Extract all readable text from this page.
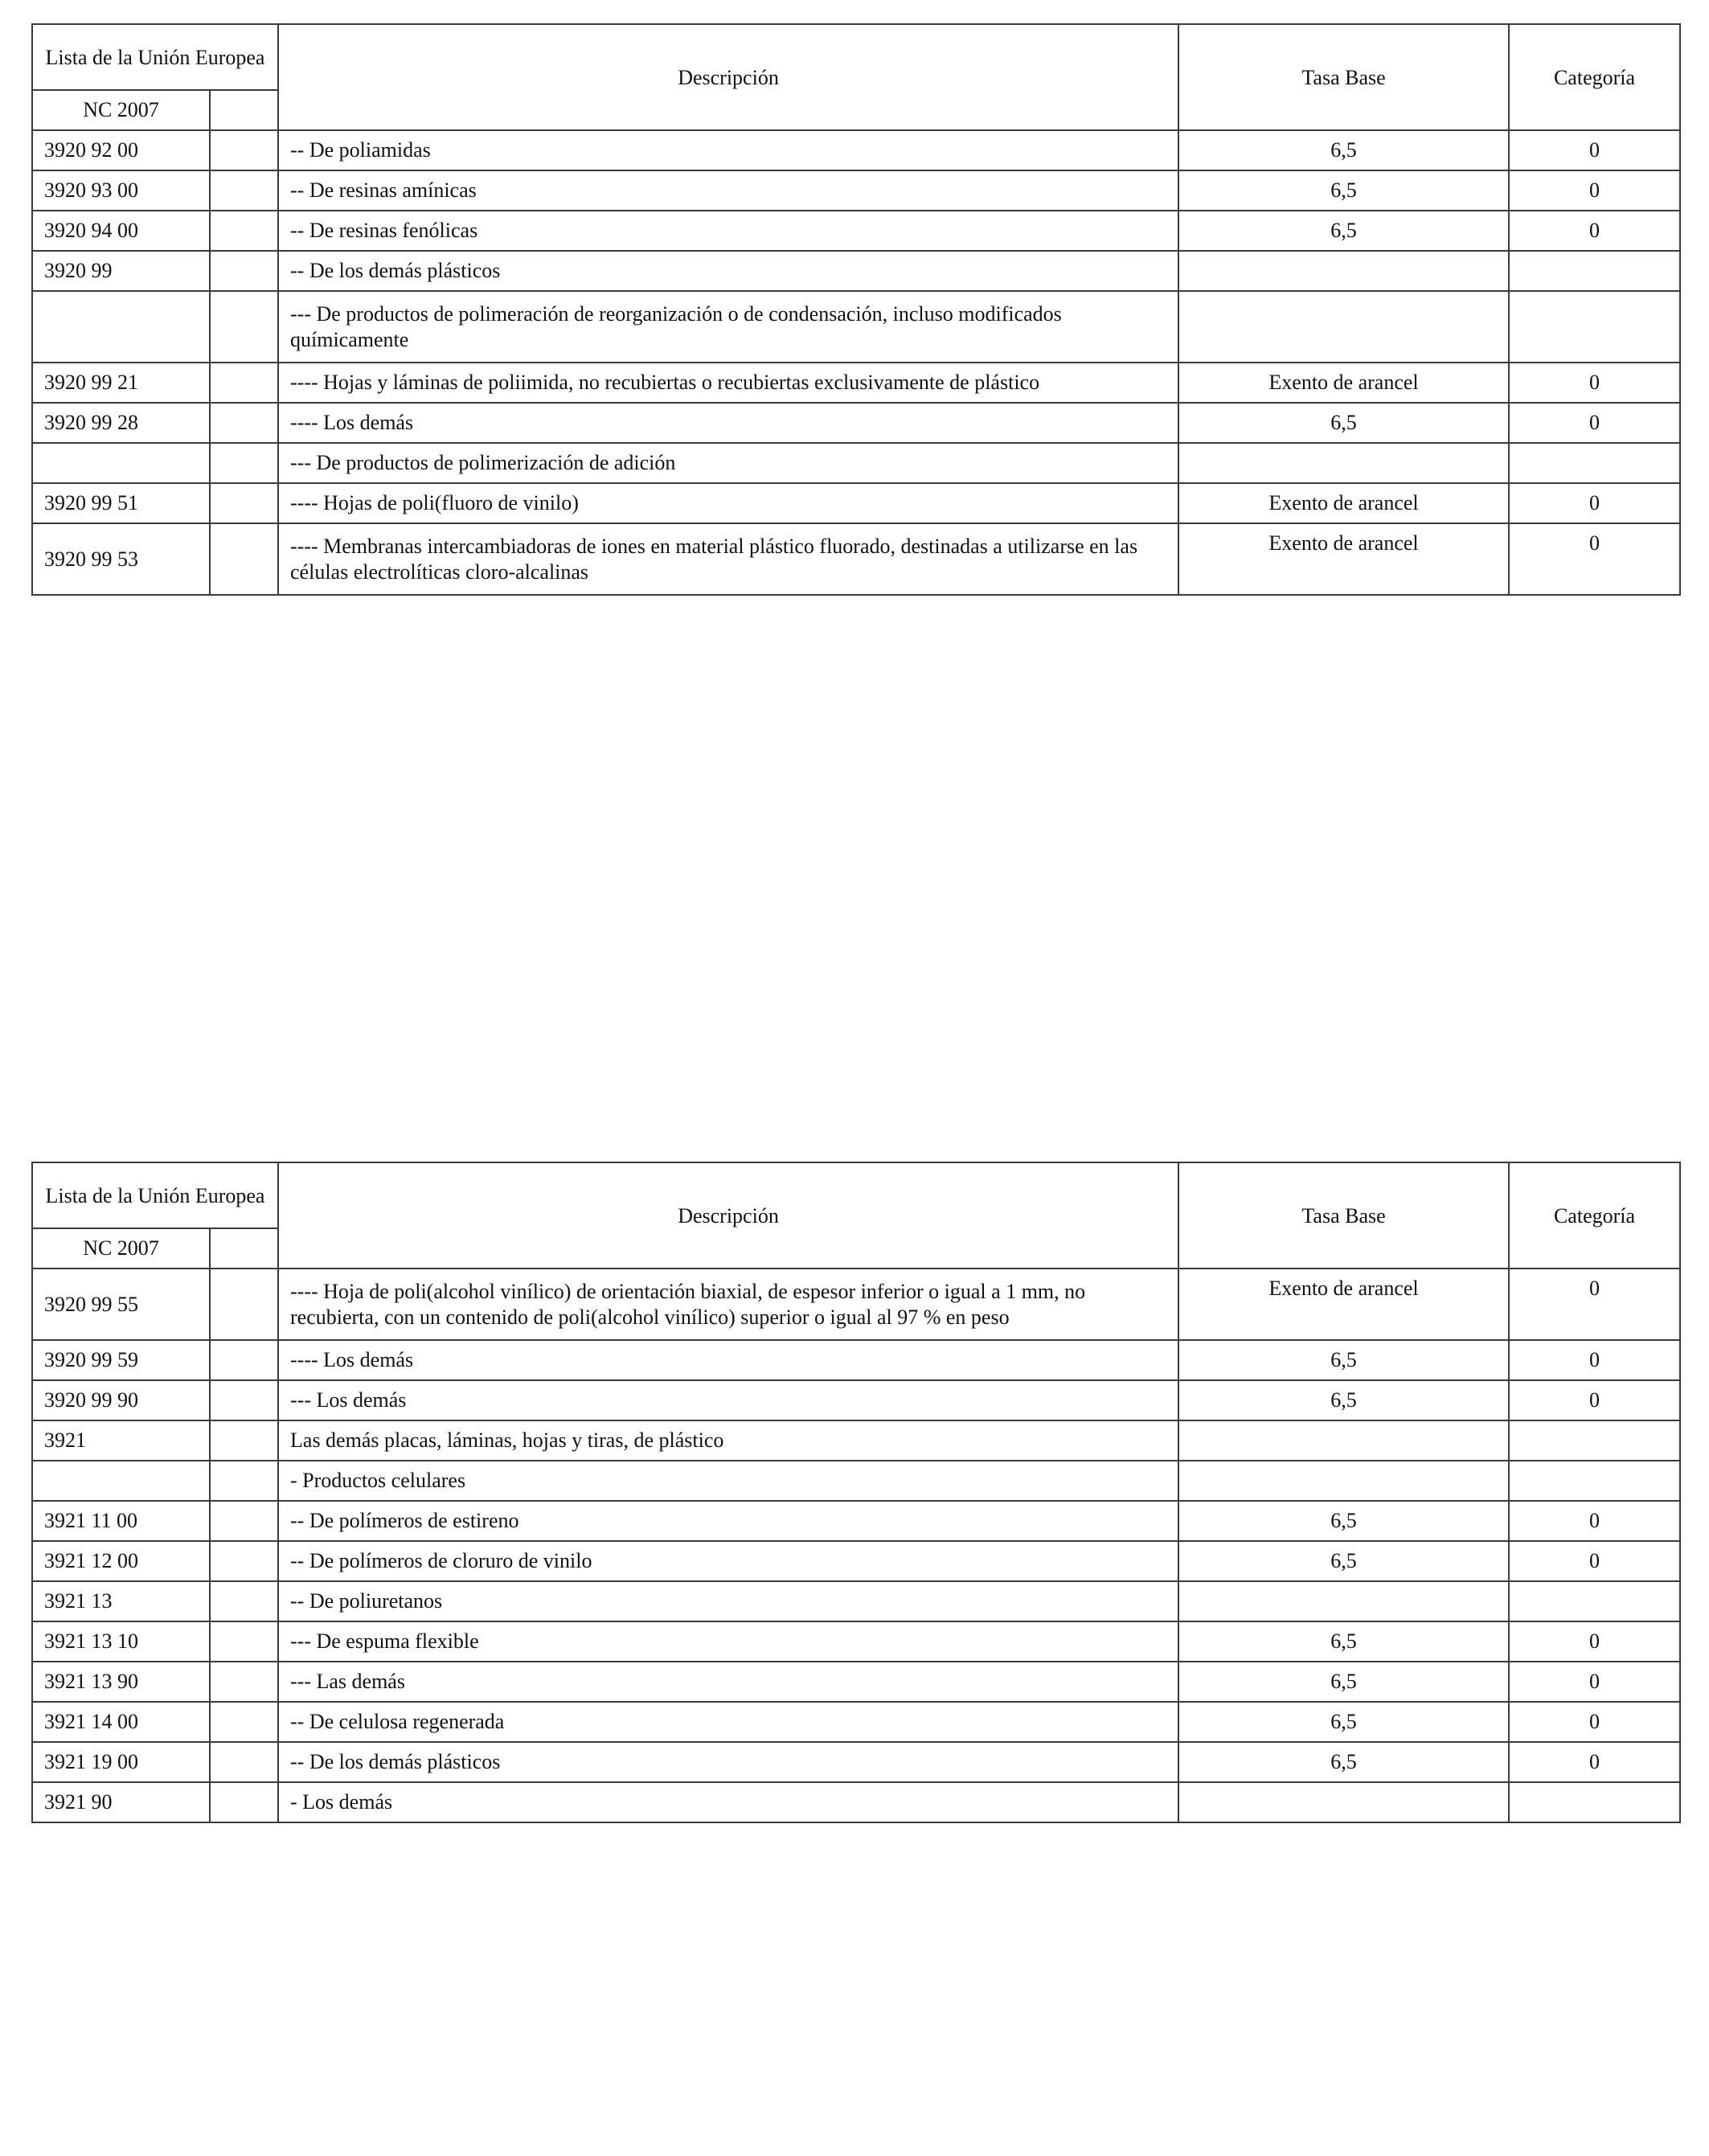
Lista de la Unión Europea		Descripción	Tasa Base	Categoría
NC 2007				
3920 92 00		-- De poliamidas	6,5	0
3920 93 00		-- De resinas amínicas	6,5	0
3920 94 00		-- De resinas fenólicas	6,5	0
3920 99		-- De los demás plásticos		
		--- De productos de polimeración de reorganización o de condensación, incluso modificados químicamente		
3920 99 21		---- Hojas y láminas de poliimida, no recubiertas o recubiertas exclusivamente de plástico	Exento de arancel	0
3920 99 28		---- Los demás	6,5	0
		--- De productos de polimerización de adición		
3920 99 51		---- Hojas de poli(fluoro de vinilo)	Exento de arancel	0
3920 99 53		---- Membranas intercambiadoras de iones en material plástico fluorado, destinadas a utilizarse en las células electrolíticas cloro-alcalinas	Exento de arancel	0
Lista de la Unión Europea		Descripción	Tasa Base	Categoría
NC 2007				
3920 99 55		---- Hoja de poli(alcohol vinílico) de orientación biaxial, de espesor inferior o igual a 1 mm, no recubierta, con un contenido de poli(alcohol vinílico) superior o igual al 97 % en peso	Exento de arancel	0
3920 99 59		---- Los demás	6,5	0
3920 99 90		--- Los demás	6,5	0
3921		Las demás placas, láminas, hojas y tiras, de plástico		
		- Productos celulares		
3921 11 00		-- De polímeros de estireno	6,5	0
3921 12 00		-- De polímeros de cloruro de vinilo	6,5	0
3921 13		-- De poliuretanos		
3921 13 10		--- De espuma flexible	6,5	0
3921 13 90		--- Las demás	6,5	0
3921 14 00		-- De celulosa regenerada	6,5	0
3921 19 00		-- De los demás plásticos	6,5	0
3921 90		- Los demás		
